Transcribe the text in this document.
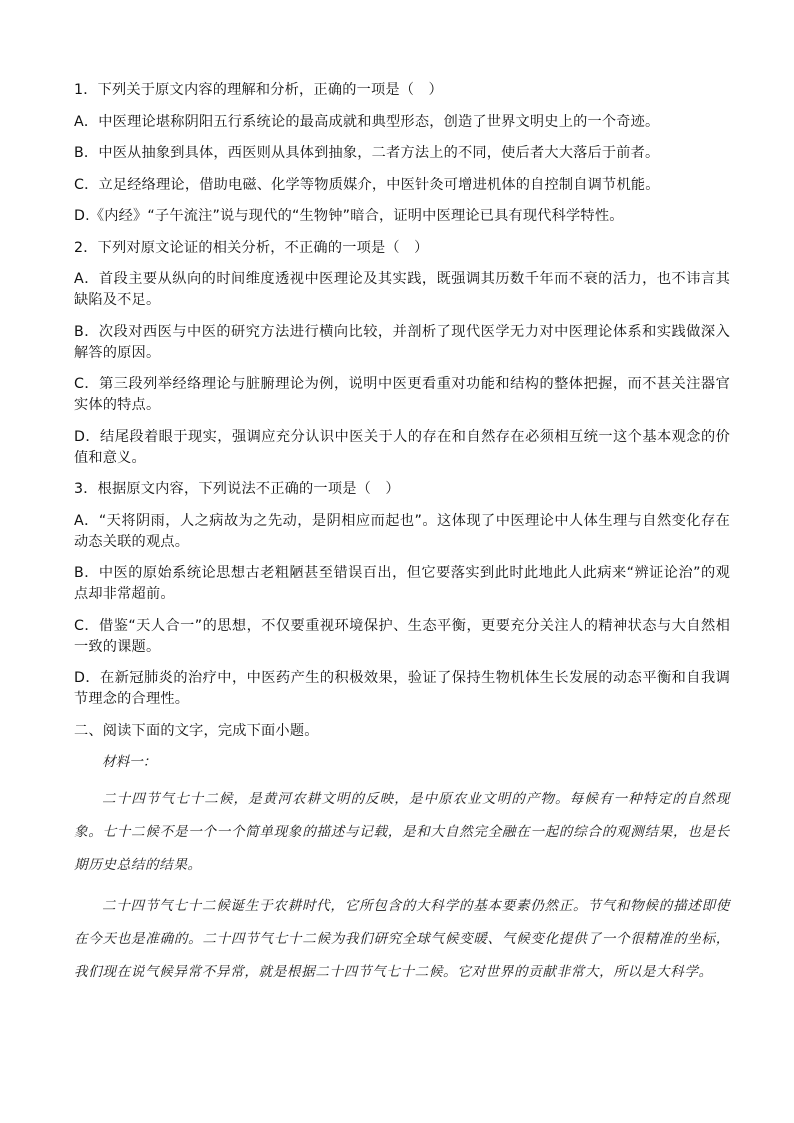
1．下列关于原文内容的理解和分析，正确的一项是（　）

A．中医理论堪称阴阳五行系统论的最高成就和典型形态，创造了世界文明史上的一个奇迹。

B．中医从抽象到具体，西医则从具体到抽象，二者方法上的不同，使后者大大落后于前者。

C．立足经络理论，借助电磁、化学等物质媒介，中医针灸可增进机体的自控制自调节机能。

D.《内经》“子午流注”说与现代的“生物钟”暗合，证明中医理论已具有现代科学特性。

2．下列对原文论证的相关分析，不正确的一项是（　）

A．首段主要从纵向的时间维度透视中医理论及其实践，既强调其历数千年而不衰的活力，也不讳言其缺陷及不足。

B．次段对西医与中医的研究方法进行横向比较，并剖析了现代医学无力对中医理论体系和实践做深入解答的原因。

C．第三段列举经络理论与脏腑理论为例，说明中医更看重对功能和结构的整体把握，而不甚关注器官实体的特点。

D．结尾段着眼于现实，强调应充分认识中医关于人的存在和自然存在必须相互统一这个基本观念的价值和意义。

3．根据原文内容，下列说法不正确的一项是（　）

A．“天将阴雨，人之病故为之先动，是阴相应而起也”。这体现了中医理论中人体生理与自然变化存在动态关联的观点。

B．中医的原始系统论思想古老粗陋甚至错误百出，但它要落实到此时此地此人此病来“辨证论治”的观点却非常超前。

C．借鉴“天人合一”的思想，不仅要重视环境保护、生态平衡，更要充分关注人的精神状态与大自然相一致的课题。

D．在新冠肺炎的治疗中，中医药产生的积极效果，验证了保持生物机体生长发展的动态平衡和自我调节理念的合理性。

二、阅读下面的文字，完成下面小题。

材料一：

二十四节气七十二候，是黄河农耕文明的反映，是中原农业文明的产物。每候有一种特定的自然现象。七十二候不是一个一个简单现象的描述与记载，是和大自然完全融在一起的综合的观测结果，也是长期历史总结的结果。

二十四节气七十二候诞生于农耕时代，它所包含的大科学的基本要素仍然正。节气和物候的描述即使在今天也是准确的。二十四节气七十二候为我们研究全球气候变暖、气候变化提供了一个很精准的坐标，我们现在说气候异常不异常，就是根据二十四节气七十二候。它对世界的贡献非常大，所以是大科学。
